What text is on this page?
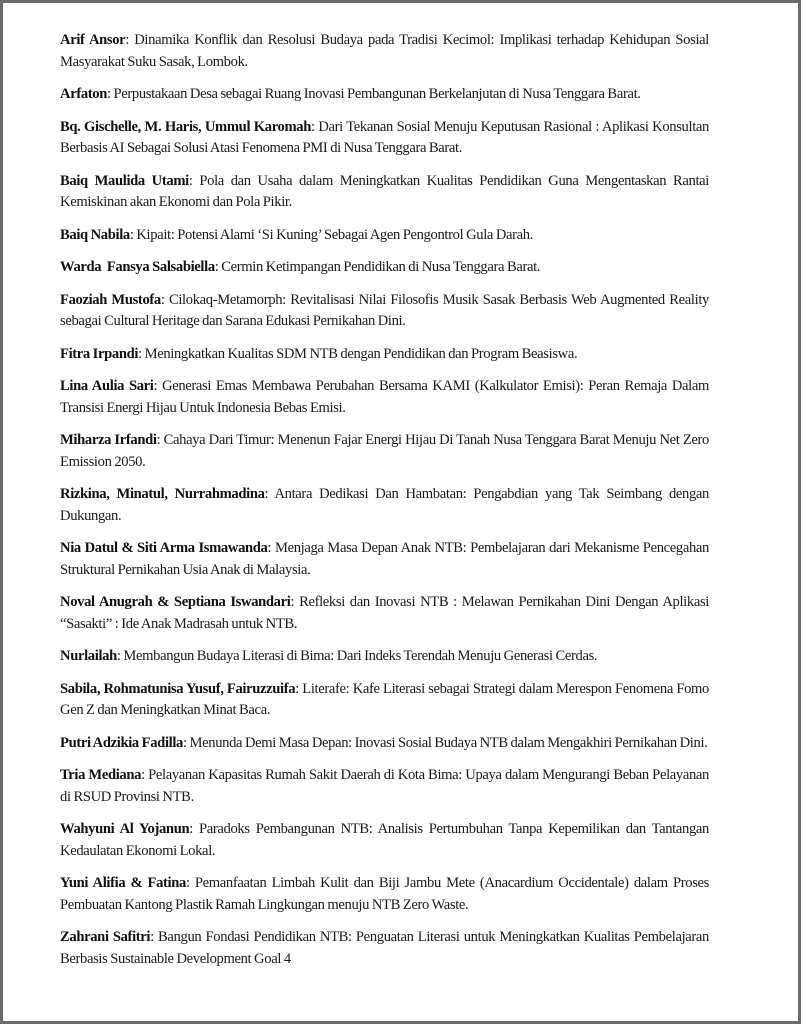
Arif Ansor: Dinamika Konflik dan Resolusi Budaya pada Tradisi Kecimol: Implikasi terhadap Kehidupan Sosial Masyarakat Suku Sasak, Lombok.

Arfaton: Perpustakaan Desa sebagai Ruang Inovasi Pembangunan Berkelanjutan di Nusa Tenggara Barat.

Bq. Gischelle, M. Haris, Ummul Karomah: Dari Tekanan Sosial Menuju Keputusan Rasional : Aplikasi Konsultan Berbasis AI Sebagai Solusi Atasi Fenomena PMI di Nusa Tenggara Barat.

Baiq Maulida Utami: Pola dan Usaha dalam Meningkatkan Kualitas Pendidikan Guna Mengentaskan Rantai Kemiskinan akan Ekonomi dan Pola Pikir.

Baiq Nabila: Kipait: Potensi Alami ‘Si Kuning’ Sebagai Agen Pengontrol Gula Darah.

Warda  Fansya Salsabiella: Cermin Ketimpangan Pendidikan di Nusa Tenggara Barat.

Faoziah Mustofa: Cilokaq-Metamorph: Revitalisasi Nilai Filosofis Musik Sasak Berbasis Web Augmented Reality sebagai Cultural Heritage dan Sarana Edukasi Pernikahan Dini.

Fitra Irpandi: Meningkatkan Kualitas SDM NTB dengan Pendidikan dan Program Beasiswa.

Lina Aulia Sari: Generasi Emas Membawa Perubahan Bersama KAMI (Kalkulator Emisi): Peran Remaja Dalam Transisi Energi Hijau Untuk Indonesia Bebas Emisi.

Miharza Irfandi: Cahaya Dari Timur: Menenun Fajar Energi Hijau Di Tanah Nusa Tenggara Barat Menuju Net Zero Emission 2050.

Rizkina, Minatul, Nurrahmadina: Antara Dedikasi Dan Hambatan: Pengabdian yang Tak Seimbang dengan Dukungan.

Nia Datul & Siti Arma Ismawanda: Menjaga Masa Depan Anak NTB: Pembelajaran dari Mekanisme Pencegahan Struktural Pernikahan Usia Anak di Malaysia.

Noval Anugrah & Septiana Iswandari: Refleksi dan Inovasi NTB : Melawan Pernikahan Dini Dengan Aplikasi “Sasakti” : Ide Anak Madrasah untuk NTB.

Nurlailah: Membangun Budaya Literasi di Bima: Dari Indeks Terendah Menuju Generasi Cerdas.

Sabila, Rohmatunisa Yusuf, Fairuzzuifa: Literafe: Kafe Literasi sebagai Strategi dalam Merespon Fenomena Fomo Gen Z dan Meningkatkan Minat Baca.

Putri Adzikia Fadilla: Menunda Demi Masa Depan: Inovasi Sosial Budaya NTB dalam Mengakhiri Pernikahan Dini.

Tria Mediana: Pelayanan Kapasitas Rumah Sakit Daerah di Kota Bima: Upaya dalam Mengurangi Beban Pelayanan di RSUD Provinsi NTB.

Wahyuni Al Yojanun: Paradoks Pembangunan NTB: Analisis Pertumbuhan Tanpa Kepemilikan dan Tantangan Kedaulatan Ekonomi Lokal.

Yuni Alifia & Fatina: Pemanfaatan Limbah Kulit dan Biji Jambu Mete (Anacardium Occidentale) dalam Proses Pembuatan Kantong Plastik Ramah Lingkungan menuju NTB Zero Waste.

Zahrani Safitri: Bangun Fondasi Pendidikan NTB: Penguatan Literasi untuk Meningkatkan Kualitas Pembelajaran Berbasis Sustainable Development Goal 4
